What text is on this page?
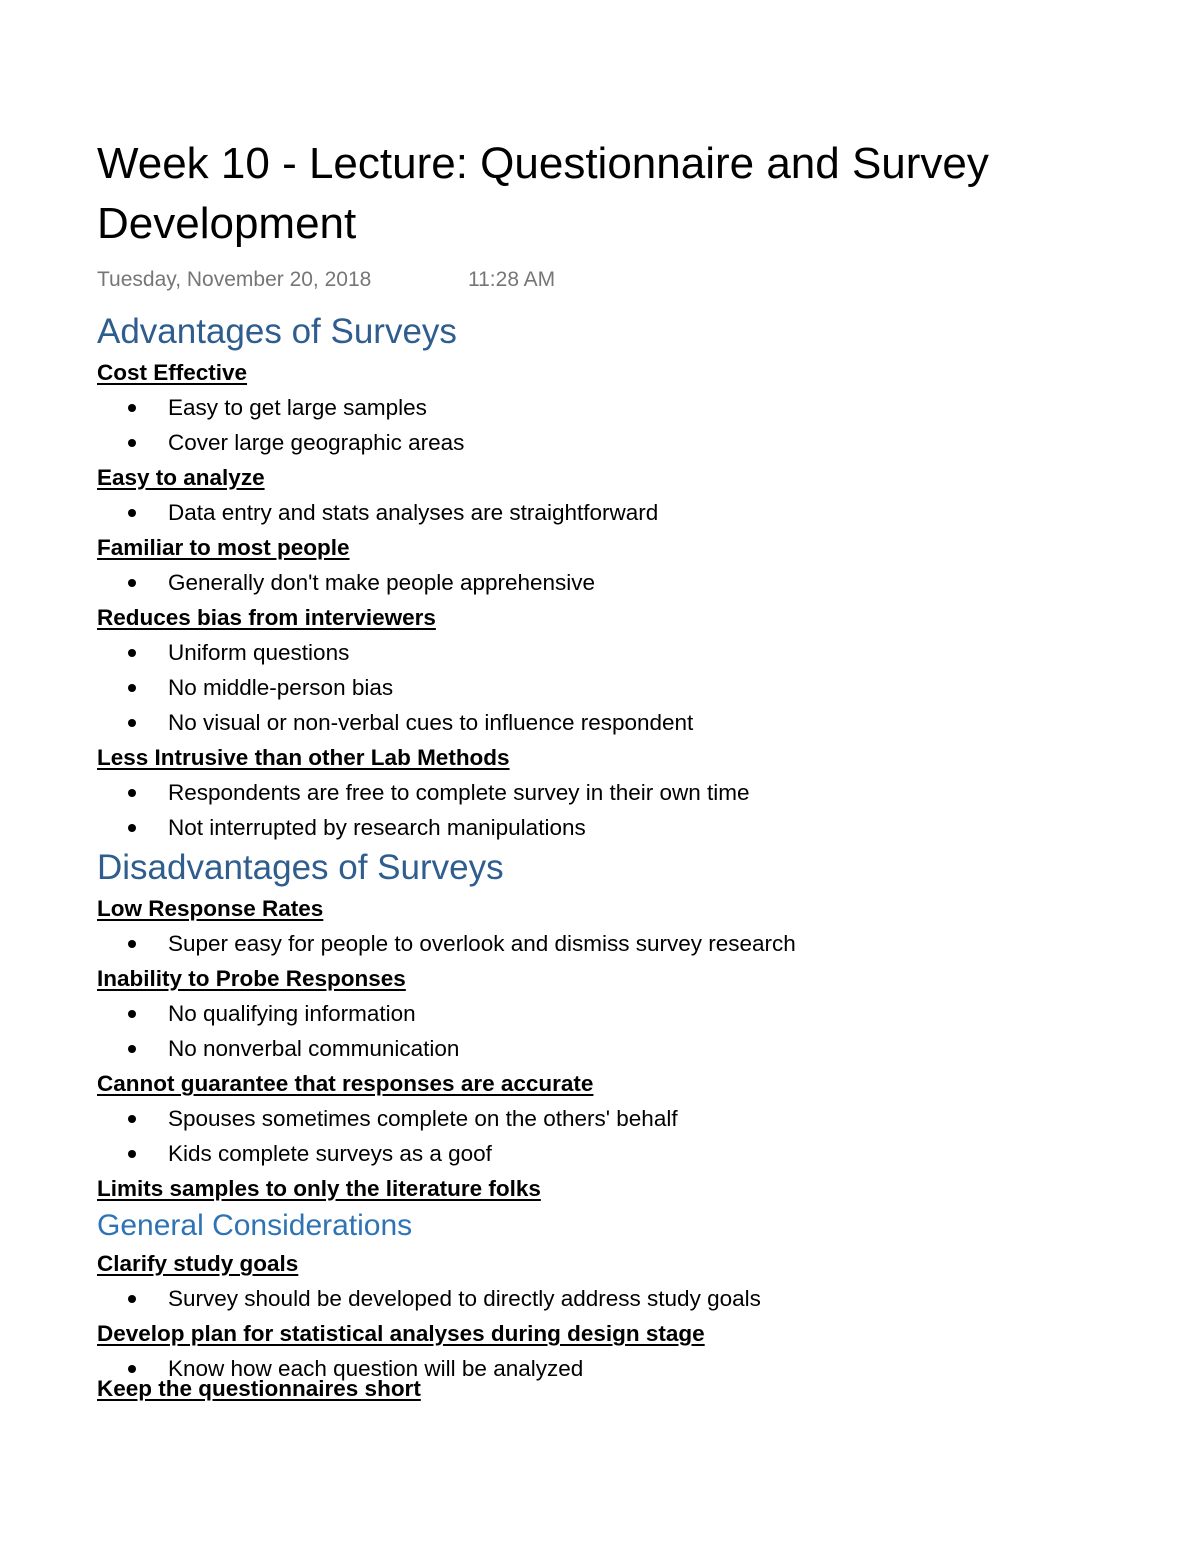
Week 10 - Lecture: Questionnaire and Survey Development
Tuesday, November 20, 2018	11:28 AM
Advantages of Surveys

Cost Effective

Easy to get large samples
Cover large geographic areas

Easy to analyze

Data entry and stats analyses are straightforward

Familiar to most people

Generally don't make people apprehensive

Reduces bias from interviewers

Uniform questions
No middle-person bias
No visual or non-verbal cues to influence respondent

Less Intrusive than other Lab Methods

Respondents are free to complete survey in their own time
Not interrupted by research manipulations
Disadvantages of Surveys

Low Response Rates

Super easy for people to overlook and dismiss survey research

Inability to Probe Responses

No qualifying information
No nonverbal communication

Cannot guarantee that responses are accurate

Spouses sometimes complete on the others' behalf
Kids complete surveys as a goof

Limits samples to only the literature folks

General Considerations

Clarify study goals

Survey should be developed to directly address study goals

Develop plan for statistical analyses during design stage

Know how each question will be analyzed

Keep the questionnaires short
